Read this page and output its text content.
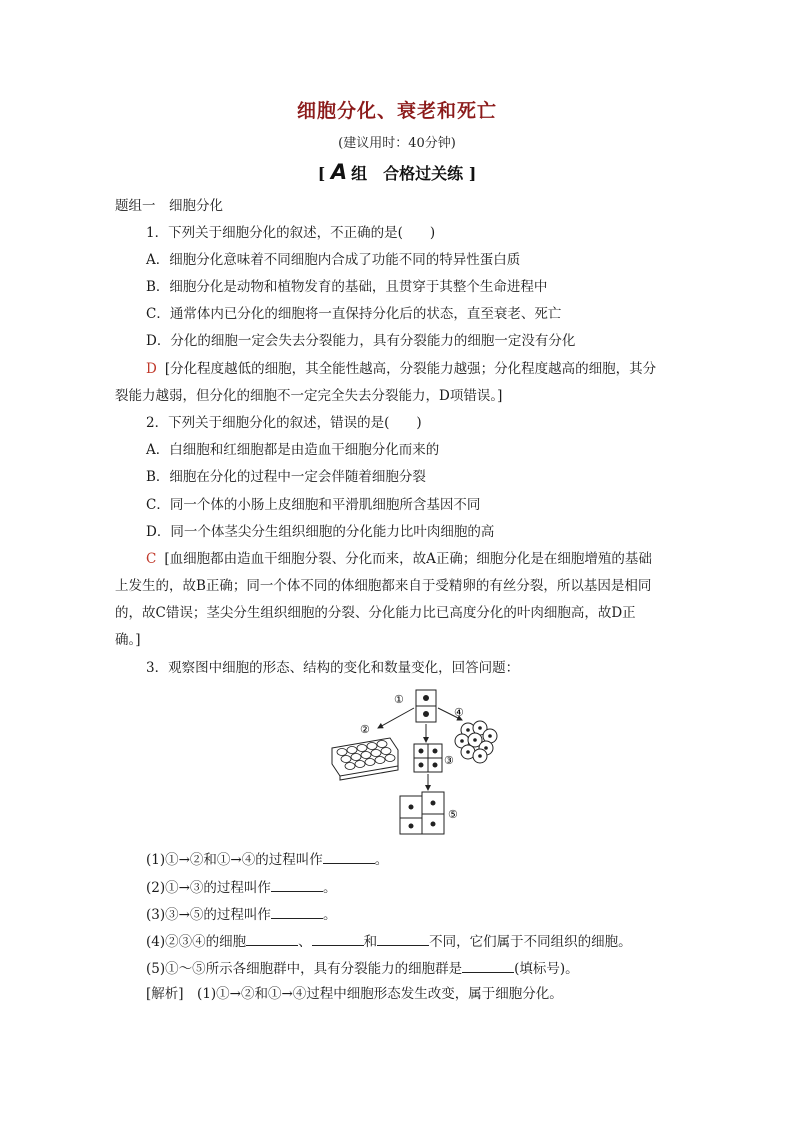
细胞分化、衰老和死亡
(建议用时：40分钟)
[ A 组　合格过关练 ]
题组一　细胞分化
1．下列关于细胞分化的叙述，不正确的是(　　)
A．细胞分化意味着不同细胞内合成了功能不同的特异性蛋白质
B．细胞分化是动物和植物发育的基础，且贯穿于其整个生命进程中
C．通常体内已分化的细胞将一直保持分化后的状态，直至衰老、死亡
D．分化的细胞一定会失去分裂能力，具有分裂能力的细胞一定没有分化
D [分化程度越低的细胞，其全能性越高，分裂能力越强；分化程度越高的细胞，其分
裂能力越弱，但分化的细胞不一定完全失去分裂能力，D项错误。]
2．下列关于细胞分化的叙述，错误的是(　　)
A．白细胞和红细胞都是由造血干细胞分化而来的
B．细胞在分化的过程中一定会伴随着细胞分裂
C．同一个体的小肠上皮细胞和平滑肌细胞所含基因不同
D．同一个体茎尖分生组织细胞的分化能力比叶肉细胞的高
C [血细胞都由造血干细胞分裂、分化而来，故A正确；细胞分化是在细胞增殖的基础
上发生的，故B正确；同一个体不同的体细胞都来自于受精卵的有丝分裂，所以基因是相同
的，故C错误；茎尖分生组织细胞的分裂、分化能力比已高度分化的叶肉细胞高，故D正
确。]
3．观察图中细胞的形态、结构的变化和数量变化，回答问题：
①
②
④
③
⑤
(1)①→②和①→④的过程叫作	。
(2)①→③的过程叫作	。
(3)③→⑤的过程叫作	。
(4)②③④的细胞	、	和	不同，它们属于不同组织的细胞。
(5)①～⑤所示各细胞群中，具有分裂能力的细胞群是	(填标号)。
[解析]　 (1)①→②和①→④过程中细胞形态发生改变，属于细胞分化。
